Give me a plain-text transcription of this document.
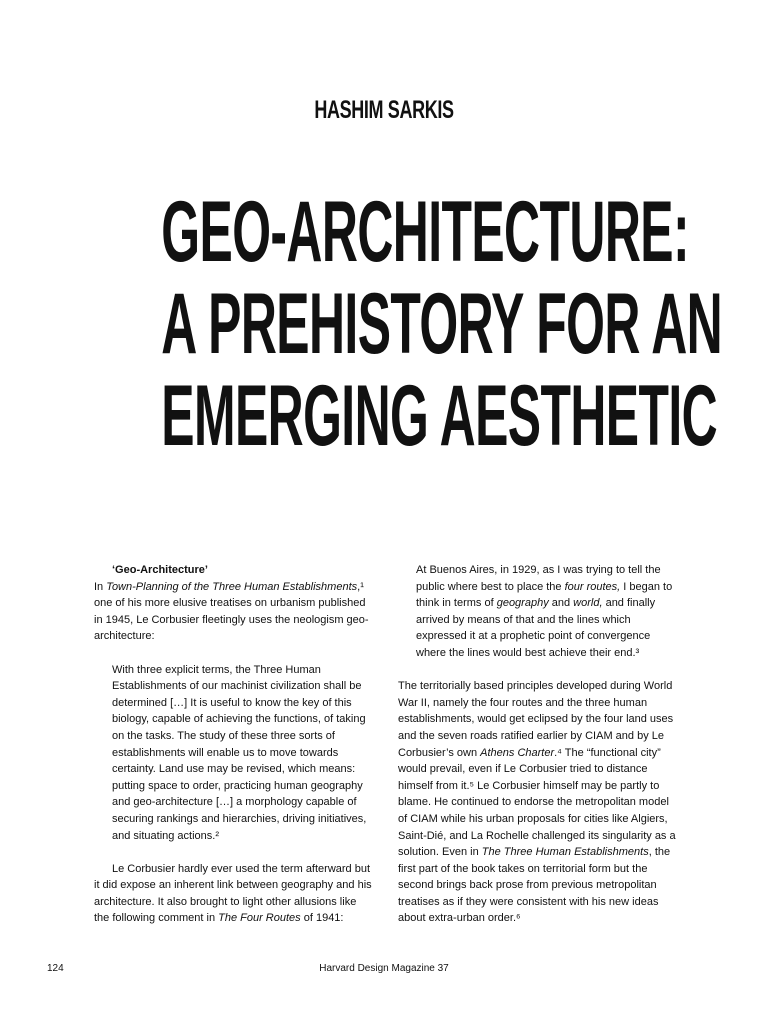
HASHIM SARKIS
GEO-ARCHITECTURE:
A PREHISTORY FOR AN
EMERGING AESTHETIC

‘Geo-Architecture’

In Town-Planning of the Three Human Establishments,¹ one of his more elusive treatises on urbanism published in 1945, Le Corbusier fleetingly uses the neologism geo-architecture:

With three explicit terms, the Three Human Establishments of our machinist civilization shall be determined […] It is useful to know the key of this biology, capable of achieving the functions, of taking on the tasks. The study of these three sorts of establishments will enable us to move towards certainty. Land use may be revised, which means: putting space to order, practicing human geography and geo-architecture […] a morphology capable of securing rankings and hierarchies, driving initiatives, and situating actions.²

Le Corbusier hardly ever used the term afterward but it did expose an inherent link between geography and his architecture. It also brought to light other allusions like the following comment in The Four Routes of 1941:

At Buenos Aires, in 1929, as I was trying to tell the public where best to place the four routes, I began to think in terms of geography and world, and finally arrived by means of that and the lines which expressed it at a prophetic point of convergence where the lines would best achieve their end.³

The territorially based principles developed during World War II, namely the four routes and the three human establishments, would get eclipsed by the four land uses and the seven roads ratified earlier by CIAM and by Le Corbusier’s own Athens Charter.⁴ The “functional city” would prevail, even if Le Corbusier tried to distance himself from it.⁵ Le Corbusier himself may be partly to blame. He continued to endorse the metropolitan model of CIAM while his urban proposals for cities like Algiers, Saint-Dié, and La Rochelle challenged its singularity as a solution. Even in The Three Human Establishments, the first part of the book takes on territorial form but the second brings back prose from previous metropolitan treatises as if they were consistent with his new ideas about extra-urban order.⁶

124	Harvard Design Magazine 37
